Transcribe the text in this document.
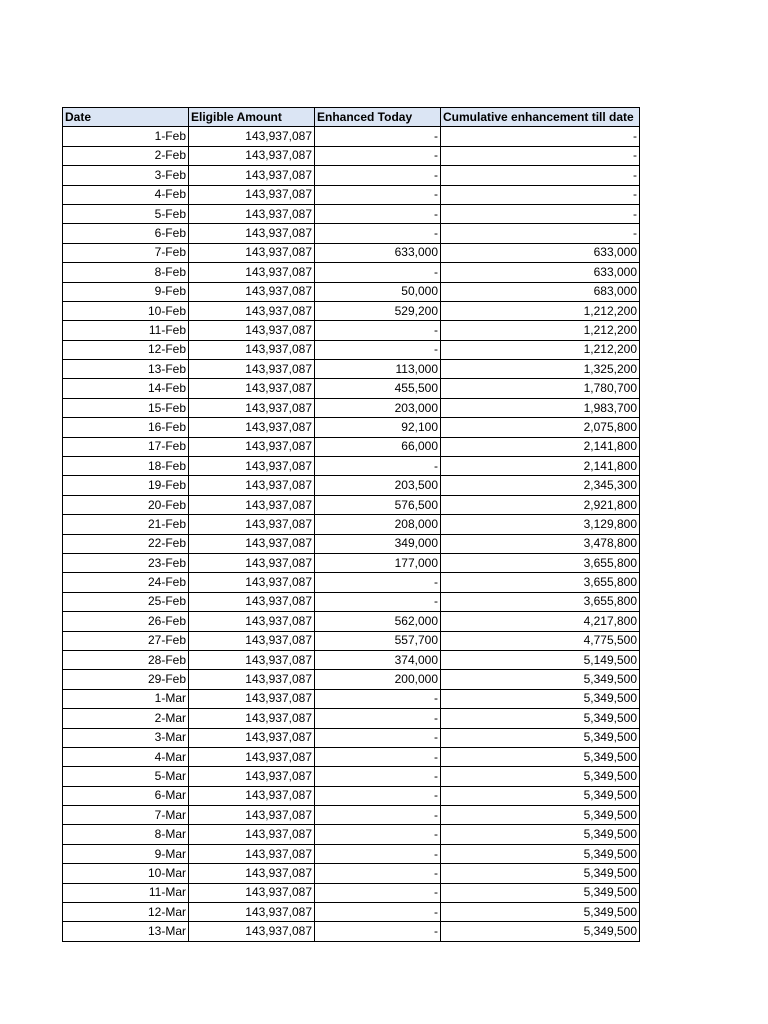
Date	Eligible Amount	Enhanced Today	Cumulative enhancement till date
1-Feb	143,937,087	-	-
2-Feb	143,937,087	-	-
3-Feb	143,937,087	-	-
4-Feb	143,937,087	-	-
5-Feb	143,937,087	-	-
6-Feb	143,937,087	-	-
7-Feb	143,937,087	633,000	633,000
8-Feb	143,937,087	-	633,000
9-Feb	143,937,087	50,000	683,000
10-Feb	143,937,087	529,200	1,212,200
11-Feb	143,937,087	-	1,212,200
12-Feb	143,937,087	-	1,212,200
13-Feb	143,937,087	113,000	1,325,200
14-Feb	143,937,087	455,500	1,780,700
15-Feb	143,937,087	203,000	1,983,700
16-Feb	143,937,087	92,100	2,075,800
17-Feb	143,937,087	66,000	2,141,800
18-Feb	143,937,087	-	2,141,800
19-Feb	143,937,087	203,500	2,345,300
20-Feb	143,937,087	576,500	2,921,800
21-Feb	143,937,087	208,000	3,129,800
22-Feb	143,937,087	349,000	3,478,800
23-Feb	143,937,087	177,000	3,655,800
24-Feb	143,937,087	-	3,655,800
25-Feb	143,937,087	-	3,655,800
26-Feb	143,937,087	562,000	4,217,800
27-Feb	143,937,087	557,700	4,775,500
28-Feb	143,937,087	374,000	5,149,500
29-Feb	143,937,087	200,000	5,349,500
1-Mar	143,937,087	-	5,349,500
2-Mar	143,937,087	-	5,349,500
3-Mar	143,937,087	-	5,349,500
4-Mar	143,937,087	-	5,349,500
5-Mar	143,937,087	-	5,349,500
6-Mar	143,937,087	-	5,349,500
7-Mar	143,937,087	-	5,349,500
8-Mar	143,937,087	-	5,349,500
9-Mar	143,937,087	-	5,349,500
10-Mar	143,937,087	-	5,349,500
11-Mar	143,937,087	-	5,349,500
12-Mar	143,937,087	-	5,349,500
13-Mar	143,937,087	-	5,349,500
